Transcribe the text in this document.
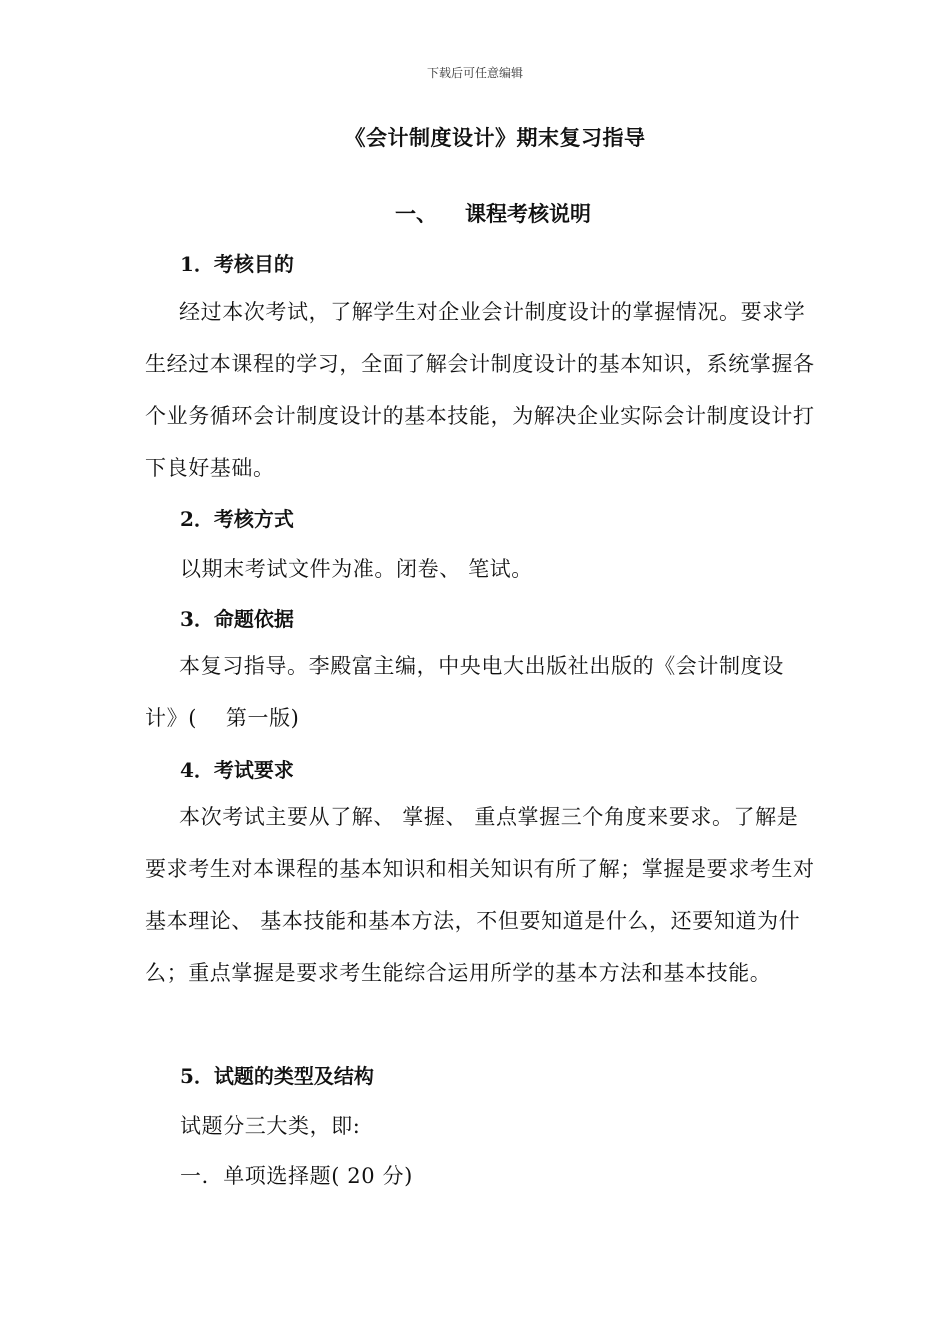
下载后可任意编辑
《会计制度设计》期末复习指导
一、 课程考核说明
1．考核目的

经过本次考试，了解学生对企业会计制度设计的掌握情况。要求学生经过本课程的学习，全面了解会计制度设计的基本知识，系统掌握各个业务循环会计制度设计的基本技能，为解决企业实际会计制度设计打下良好基础。

2．考核方式
以期末考试文件为准。闭卷、 笔试。
3．命题依据

本复习指导。李殿富主编，中央电大出版社出版的《会计制度设计》(　 第一版)

4．考试要求

本次考试主要从了解、 掌握、 重点掌握三个角度来要求。了解是要求考生对本课程的基本知识和相关知识有所了解；掌握是要求考生对基本理论、 基本技能和基本方法，不但要知道是什么，还要知道为什么；重点掌握是要求考生能综合运用所学的基本方法和基本技能。

5．试题的类型及结构
试题分三大类，即:
一．单项选择题( 20 分)
